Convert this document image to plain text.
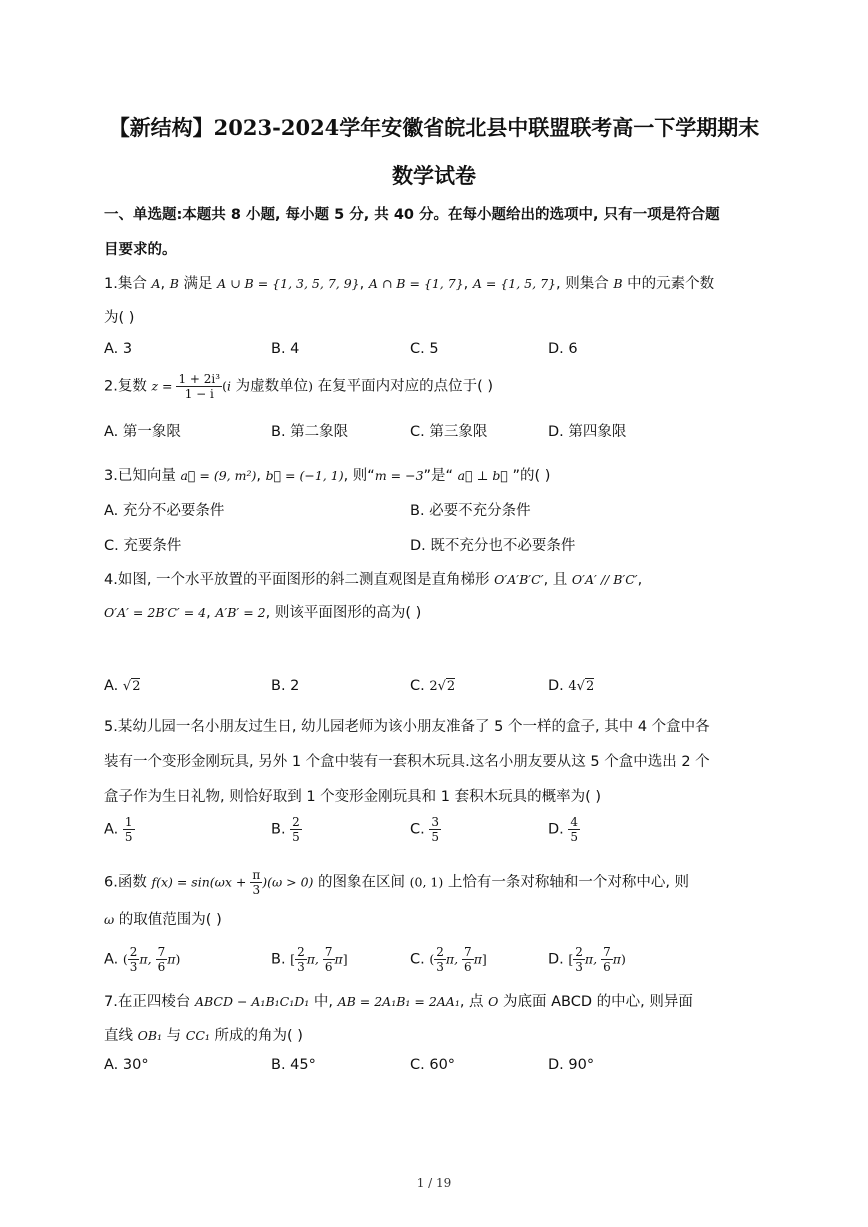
【新结构】2023-2024学年安徽省皖北县中联盟联考高一下学期期末
数学试卷
一、单选题:本题共 8 小题, 每小题 5 分, 共 40 分。在每小题给出的选项中, 只有一项是符合题
目要求的。
1.集合 A, B 满足 A ∪ B = {1, 3, 5, 7, 9}, A ∩ B = {1, 7}, A = {1, 5, 7}, 则集合 B 中的元素个数
为( )
A. 3	B. 4	C. 5	D. 6
2.复数 $z = \frac{\text{1 + 2i³}}{1 - i} (i$ 为虚数单位) 在复平面内对应的点位于( )
A. 第一象限	B. 第二象限	C. 第三象限	D. 第四象限
3.已知向量 a⃗ = (9, m²), b⃗ = (−1, 1), 则“m = −3”是“ a⃗ ⊥ b⃗ ”的( )
A. 充分不必要条件	B. 必要不充分条件
C. 充要条件	D. 既不充分也不必要条件
4.如图, 一个水平放置的平面图形的斜二测直观图是直角梯形 O′A′B′C′, 且 O′A′ // B′C′,
O′A′ = 2B′C′ = 4, A′B′ = 2, 则该平面图形的高为( )
A. √2	B. 2	C. 2√2	D. 4√2
5.某幼儿园一名小朋友过生日, 幼儿园老师为该小朋友准备了 5 个一样的盒子, 其中 4 个盒中各
装有一个变形金刚玩具, 另外 1 个盒中装有一套积木玩具.这名小朋友要从这 5 个盒中选出 2 个
盒子作为生日礼物, 则恰好取到 1 个变形金刚玩具和 1 套积木玩具的概率为( )
A. $\frac{1}{5}$	B. $\frac{2}{5}$	C. $\frac{3}{5}$	D. $\frac{4}{5}$
6.函数 $f(x) = \sin(\omega x + \frac{\pi}{3} )(\omega > 0)$ 的图象在区间 (0, 1) 上恰有一条对称轴和一个对称中心, 则
ω 的取值范围为( )
A. ( $\frac{2}{3} \pi$, $\frac{7}{6} \pi$)	B. [ $\frac{2}{3} \pi$, $\frac{7}{6} \pi$]	C. ( $\frac{2}{3} \pi$, $\frac{7}{6} \pi$]	D. [ $\frac{2}{3} \pi$, $\frac{7}{6} \pi$)
7.在正四棱台 ABCD − A₁B₁C₁D₁ 中, AB = 2A₁B₁ = 2AA₁, 点 O 为底面 ABCD 的中心, 则异面
直线 OB₁ 与 CC₁ 所成的角为( )
A. 30°	B. 45°	C. 60°	D. 90°
1 / 19
